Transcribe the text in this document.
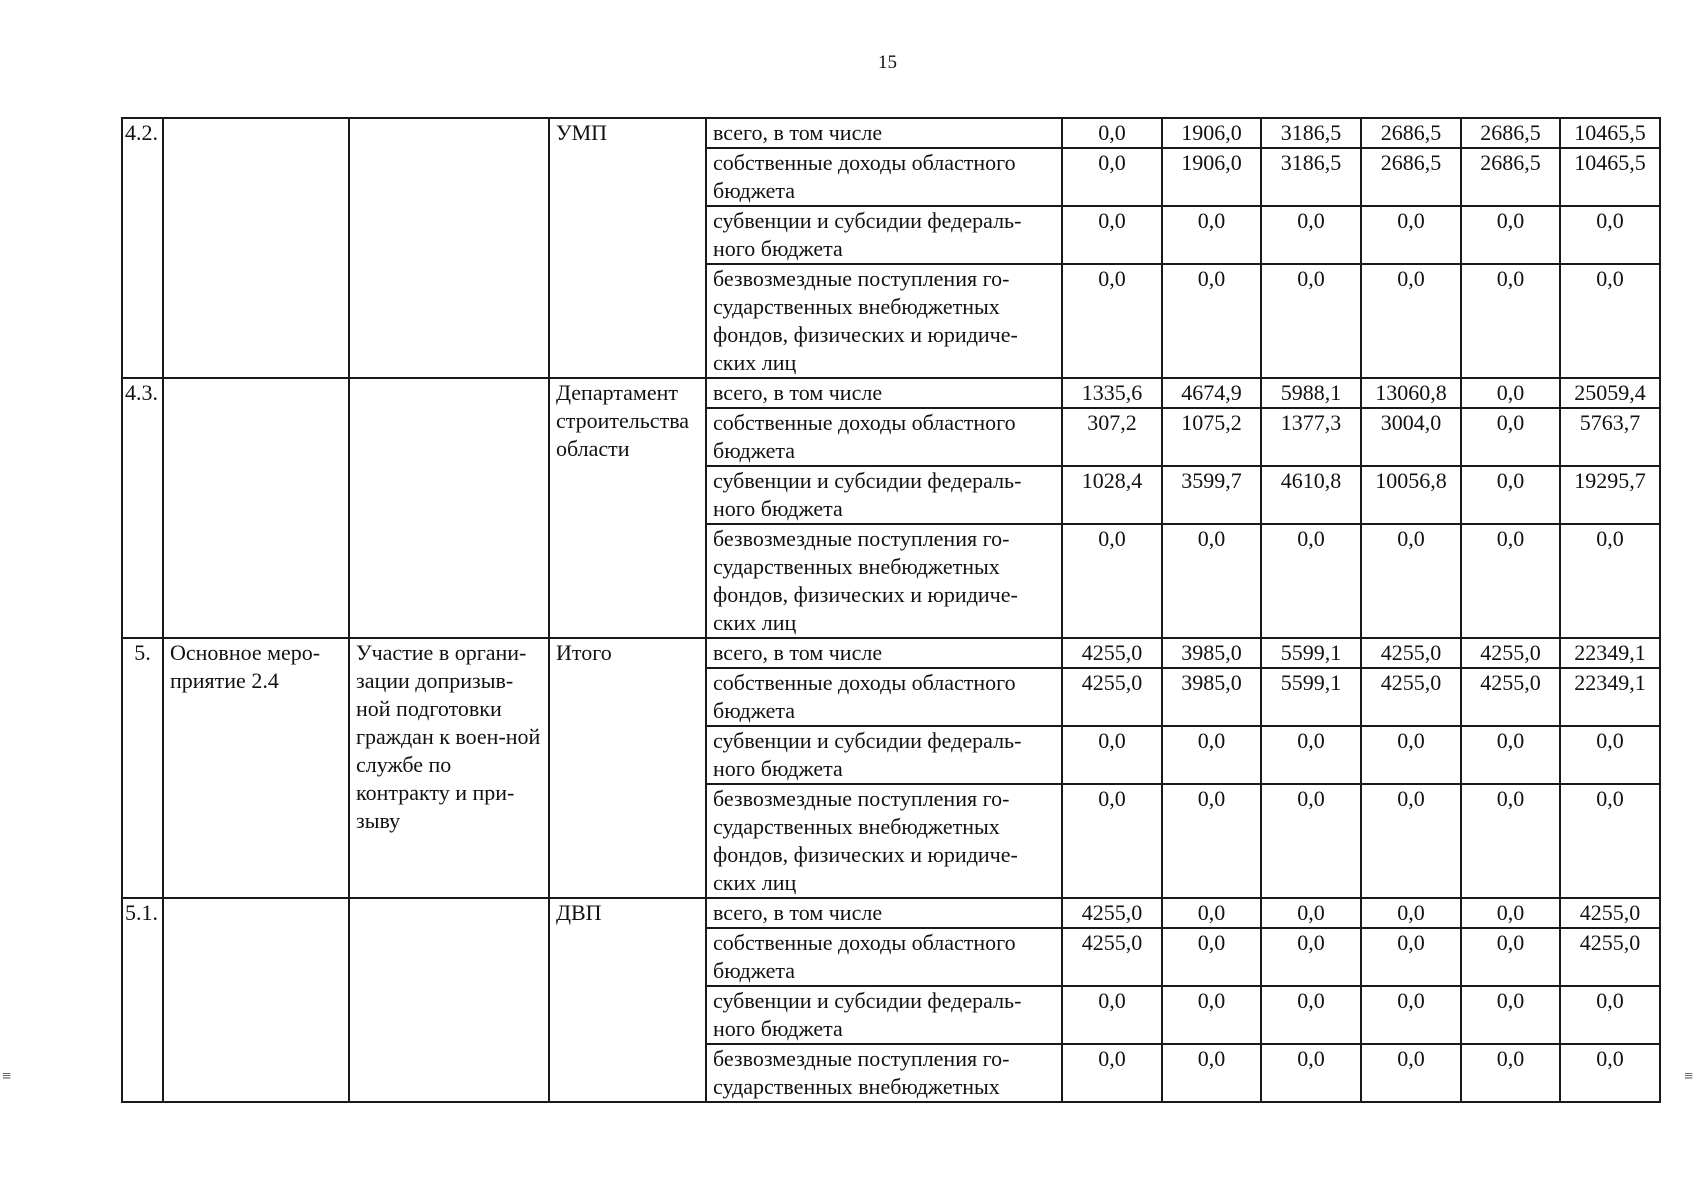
15
4.2.			УМП	всего, в том числе	0,0	1906,0	3186,5	2686,5	2686,5	10465,5
				собственные доходы областного бюджета	0,0	1906,0	3186,5	2686,5	2686,5	10465,5
				субвенции и субсидии федераль-ного бюджета	0,0	0,0	0,0	0,0	0,0	0,0
				безвозмездные поступления го-сударственных внебюджетных фондов, физических и юридиче-ских лиц	0,0	0,0	0,0	0,0	0,0	0,0
4.3.			Департамент строительства области	всего, в том числе	1335,6	4674,9	5988,1	13060,8	0,0	25059,4
				собственные доходы областного бюджета	307,2	1075,2	1377,3	3004,0	0,0	5763,7
				субвенции и субсидии федераль-ного бюджета	1028,4	3599,7	4610,8	10056,8	0,0	19295,7
				безвозмездные поступления го-сударственных внебюджетных фондов, физических и юридиче-ских лиц	0,0	0,0	0,0	0,0	0,0	0,0
5.	Основное меро-приятие 2.4	Участие в органи-зации допризыв-ной подготовки граждан к воен-ной службе по контракту и при-зыву	Итого	всего, в том числе	4255,0	3985,0	5599,1	4255,0	4255,0	22349,1
				собственные доходы областного бюджета	4255,0	3985,0	5599,1	4255,0	4255,0	22349,1
				субвенции и субсидии федераль-ного бюджета	0,0	0,0	0,0	0,0	0,0	0,0
				безвозмездные поступления го-сударственных внебюджетных фондов, физических и юридиче-ских лиц	0,0	0,0	0,0	0,0	0,0	0,0
5.1.			ДВП	всего, в том числе	4255,0	0,0	0,0	0,0	0,0	4255,0
				собственные доходы областного бюджета	4255,0	0,0	0,0	0,0	0,0	4255,0
				субвенции и субсидии федераль-ного бюджета	0,0	0,0	0,0	0,0	0,0	0,0
				безвозмездные поступления го-сударственных внебюджетных	0,0	0,0	0,0	0,0	0,0	0,0
≡	≡
